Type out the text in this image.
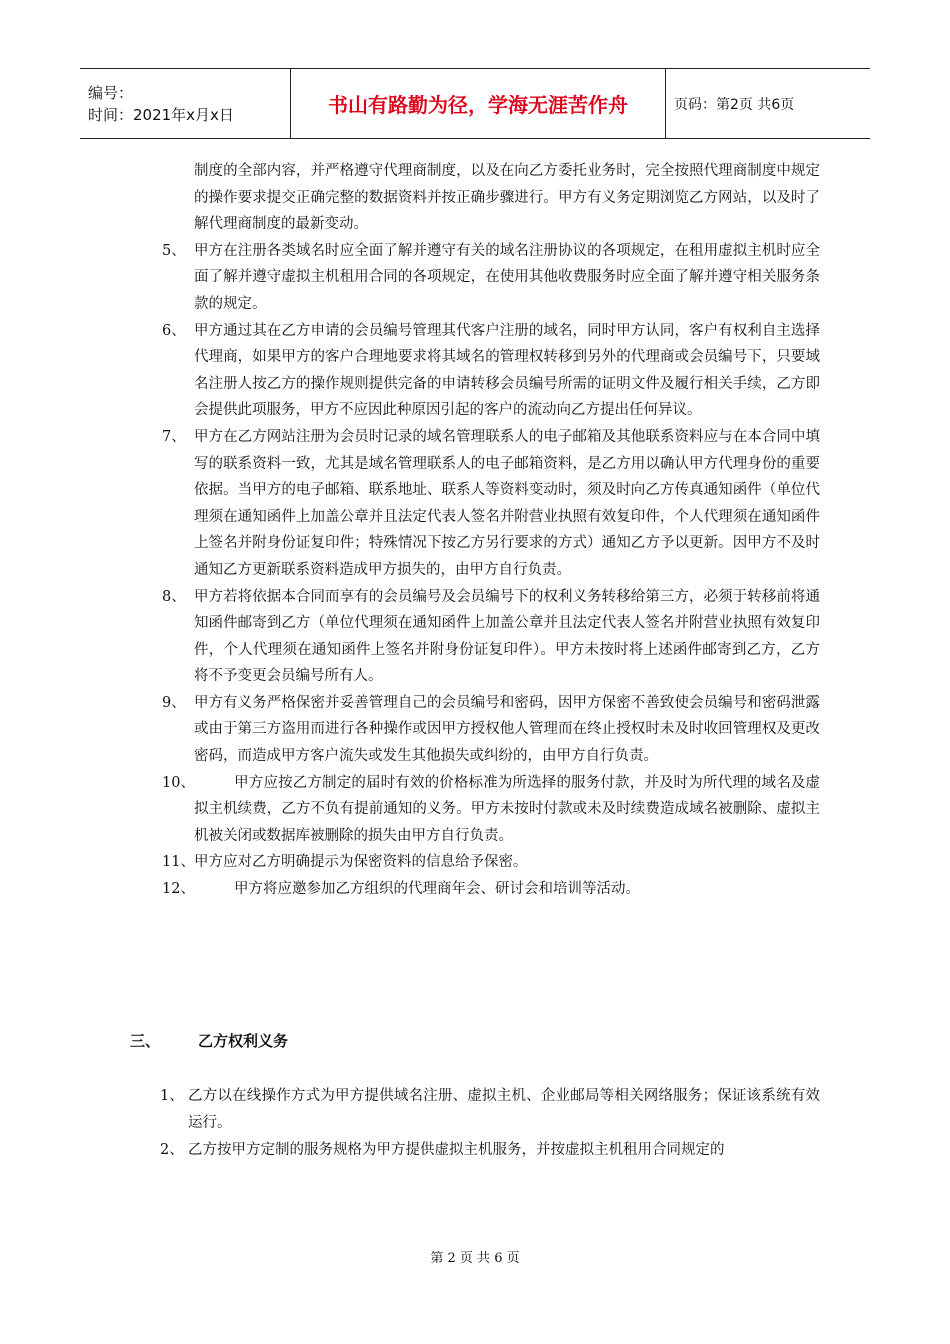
编号：
时间：2021年x月x日	书山有路勤为径，学海无涯苦作舟	页码：第2页 共6页
制度的全部内容，并严格遵守代理商制度，以及在向乙方委托业务时，完全按照代理商制度中规定的操作要求提交正确完整的数据资料并按正确步骤进行。甲方有义务定期浏览乙方网站，以及时了解代理商制度的最新变动。
5、 甲方在注册各类域名时应全面了解并遵守有关的域名注册协议的各项规定，在租用虚拟主机时应全面了解并遵守虚拟主机租用合同的各项规定，在使用其他收费服务时应全面了解并遵守相关服务条款的规定。
6、 甲方通过其在乙方申请的会员编号管理其代客户注册的域名，同时甲方认同，客户有权利自主选择代理商，如果甲方的客户合理地要求将其域名的管理权转移到另外的代理商或会员编号下，只要域名注册人按乙方的操作规则提供完备的申请转移会员编号所需的证明文件及履行相关手续，乙方即会提供此项服务，甲方不应因此种原因引起的客户的流动向乙方提出任何异议。
7、 甲方在乙方网站注册为会员时记录的域名管理联系人的电子邮箱及其他联系资料应与在本合同中填写的联系资料一致，尤其是域名管理联系人的电子邮箱资料，是乙方用以确认甲方代理身份的重要依据。当甲方的电子邮箱、联系地址、联系人等资料变动时，须及时向乙方传真通知函件（单位代理须在通知函件上加盖公章并且法定代表人签名并附营业执照有效复印件，个人代理须在通知函件上签名并附身份证复印件；特殊情况下按乙方另行要求的方式）通知乙方予以更新。因甲方不及时通知乙方更新联系资料造成甲方损失的，由甲方自行负责。
8、 甲方若将依据本合同而享有的会员编号及会员编号下的权利义务转移给第三方，必须于转移前将通知函件邮寄到乙方（单位代理须在通知函件上加盖公章并且法定代表人签名并附营业执照有效复印件，个人代理须在通知函件上签名并附身份证复印件）。甲方未按时将上述函件邮寄到乙方，乙方将不予变更会员编号所有人。
9、 甲方有义务严格保密并妥善管理自己的会员编号和密码，因甲方保密不善致使会员编号和密码泄露或由于第三方盗用而进行各种操作或因甲方授权他人管理而在终止授权时未及时收回管理权及更改密码，而造成甲方客户流失或发生其他损失或纠纷的，由甲方自行负责。
10、	甲方应按乙方制定的届时有效的价格标准为所选择的服务付款，并及时为所代理的域名及虚拟主机续费，乙方不负有提前通知的义务。甲方未按时付款或未及时续费造成域名被删除、虚拟主机被关闭或数据库被删除的损失由甲方自行负责。
11、 甲方应对乙方明确提示为保密资料的信息给予保密。
12、	甲方将应邀参加乙方组织的代理商年会、研讨会和培训等活动。
三、	乙方权利义务
1、 乙方以在线操作方式为甲方提供域名注册、虚拟主机、企业邮局等相关网络服务；保证该系统有效运行。
2、 乙方按甲方定制的服务规格为甲方提供虚拟主机服务，并按虚拟主机租用合同规定的
第 2 页 共 6 页
